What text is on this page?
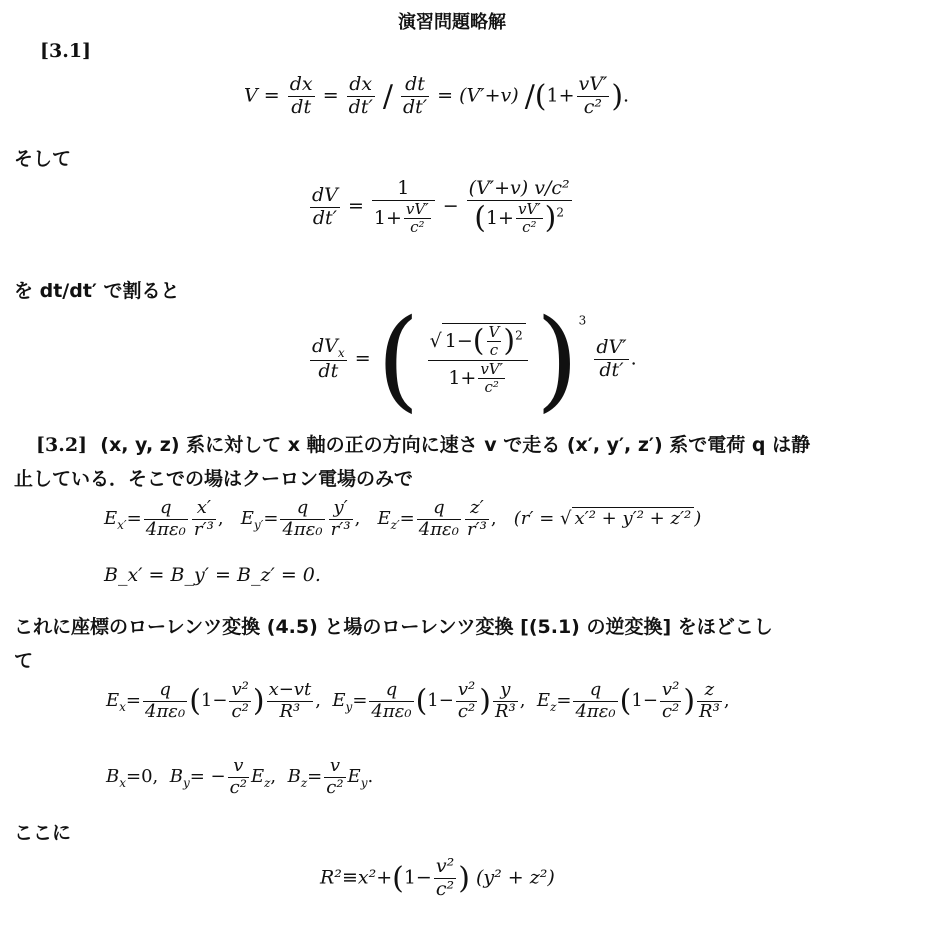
演習問題略解
[3.1]
$V = \frac{dx}{dt} = \frac{dx}{dt'} / \frac{dt}{dt'} = (V'+v)$ $/(1+ \frac{vV'}{\text{c²}}$ ).
そして
$\frac{dV}{dt'} = \frac{1}{1+ \frac{vV'}{\text{c²}}} - \frac{\text{(V′+v) v/c²}}{(1+ \frac{vV'}{\text{c²}} )^2}$
を dt/dt′ で割ると
$\frac{dV_x}{dt}$ = ( $\frac{√ 1-( \frac{V}{c} )^2}{1+ \frac{vV'}{\text{c²}}} )^3$
$\frac{dV'}{dt'}$ .
[3.2] (x, y, z) 系に対して x 軸の正の方向に速さ v で走る (x′, y′, z′) 系で電荷 q は静
止している．そこでの場はクーロン電場のみで
$E_{x'}= \frac{q}{\text{4πε₀}} \frac{x'}{\text{r′³}}$ ,   $E_{y'}= \frac{q}{\text{4πε₀}} \frac{y'}{\text{r′³}}$ ,   $E_{z'}= \frac{q}{\text{4πε₀}} \frac{z'}{\text{r′³}}$ ,   (r′ = √ x′² + y′² + z′² )
B_x′ = B_y′ = B_z′ = 0.
これに座標のローレンツ変換 (4.5) と場のローレンツ変換 [(5.1) の逆変換] をほどこし
て
$E_x= \frac{q}{\text{4πε₀}} (1- \frac{\text{v²}}{\text{c²}}$ ) $\frac{x-vt}{\text{R³}}$ ,  $E_y= \frac{q}{\text{4πε₀}} (1- \frac{\text{v²}}{\text{c²}}$ ) $\frac{y}{\text{R³}}$ ,  $E_z= \frac{q}{\text{4πε₀}} (1- \frac{\text{v²}}{\text{c²}}$ ) $\frac{z}{\text{R³}}$ ,
$B_x=0$, $B_y= - \frac{v}{\text{c²}} E_z$,  $B_z= \frac{v}{\text{c²}} E_y$.
ここに
$R^2\equiv x^2+(1- \frac{\text{v²}}{\text{c²}}$ ) (y² + z²)
